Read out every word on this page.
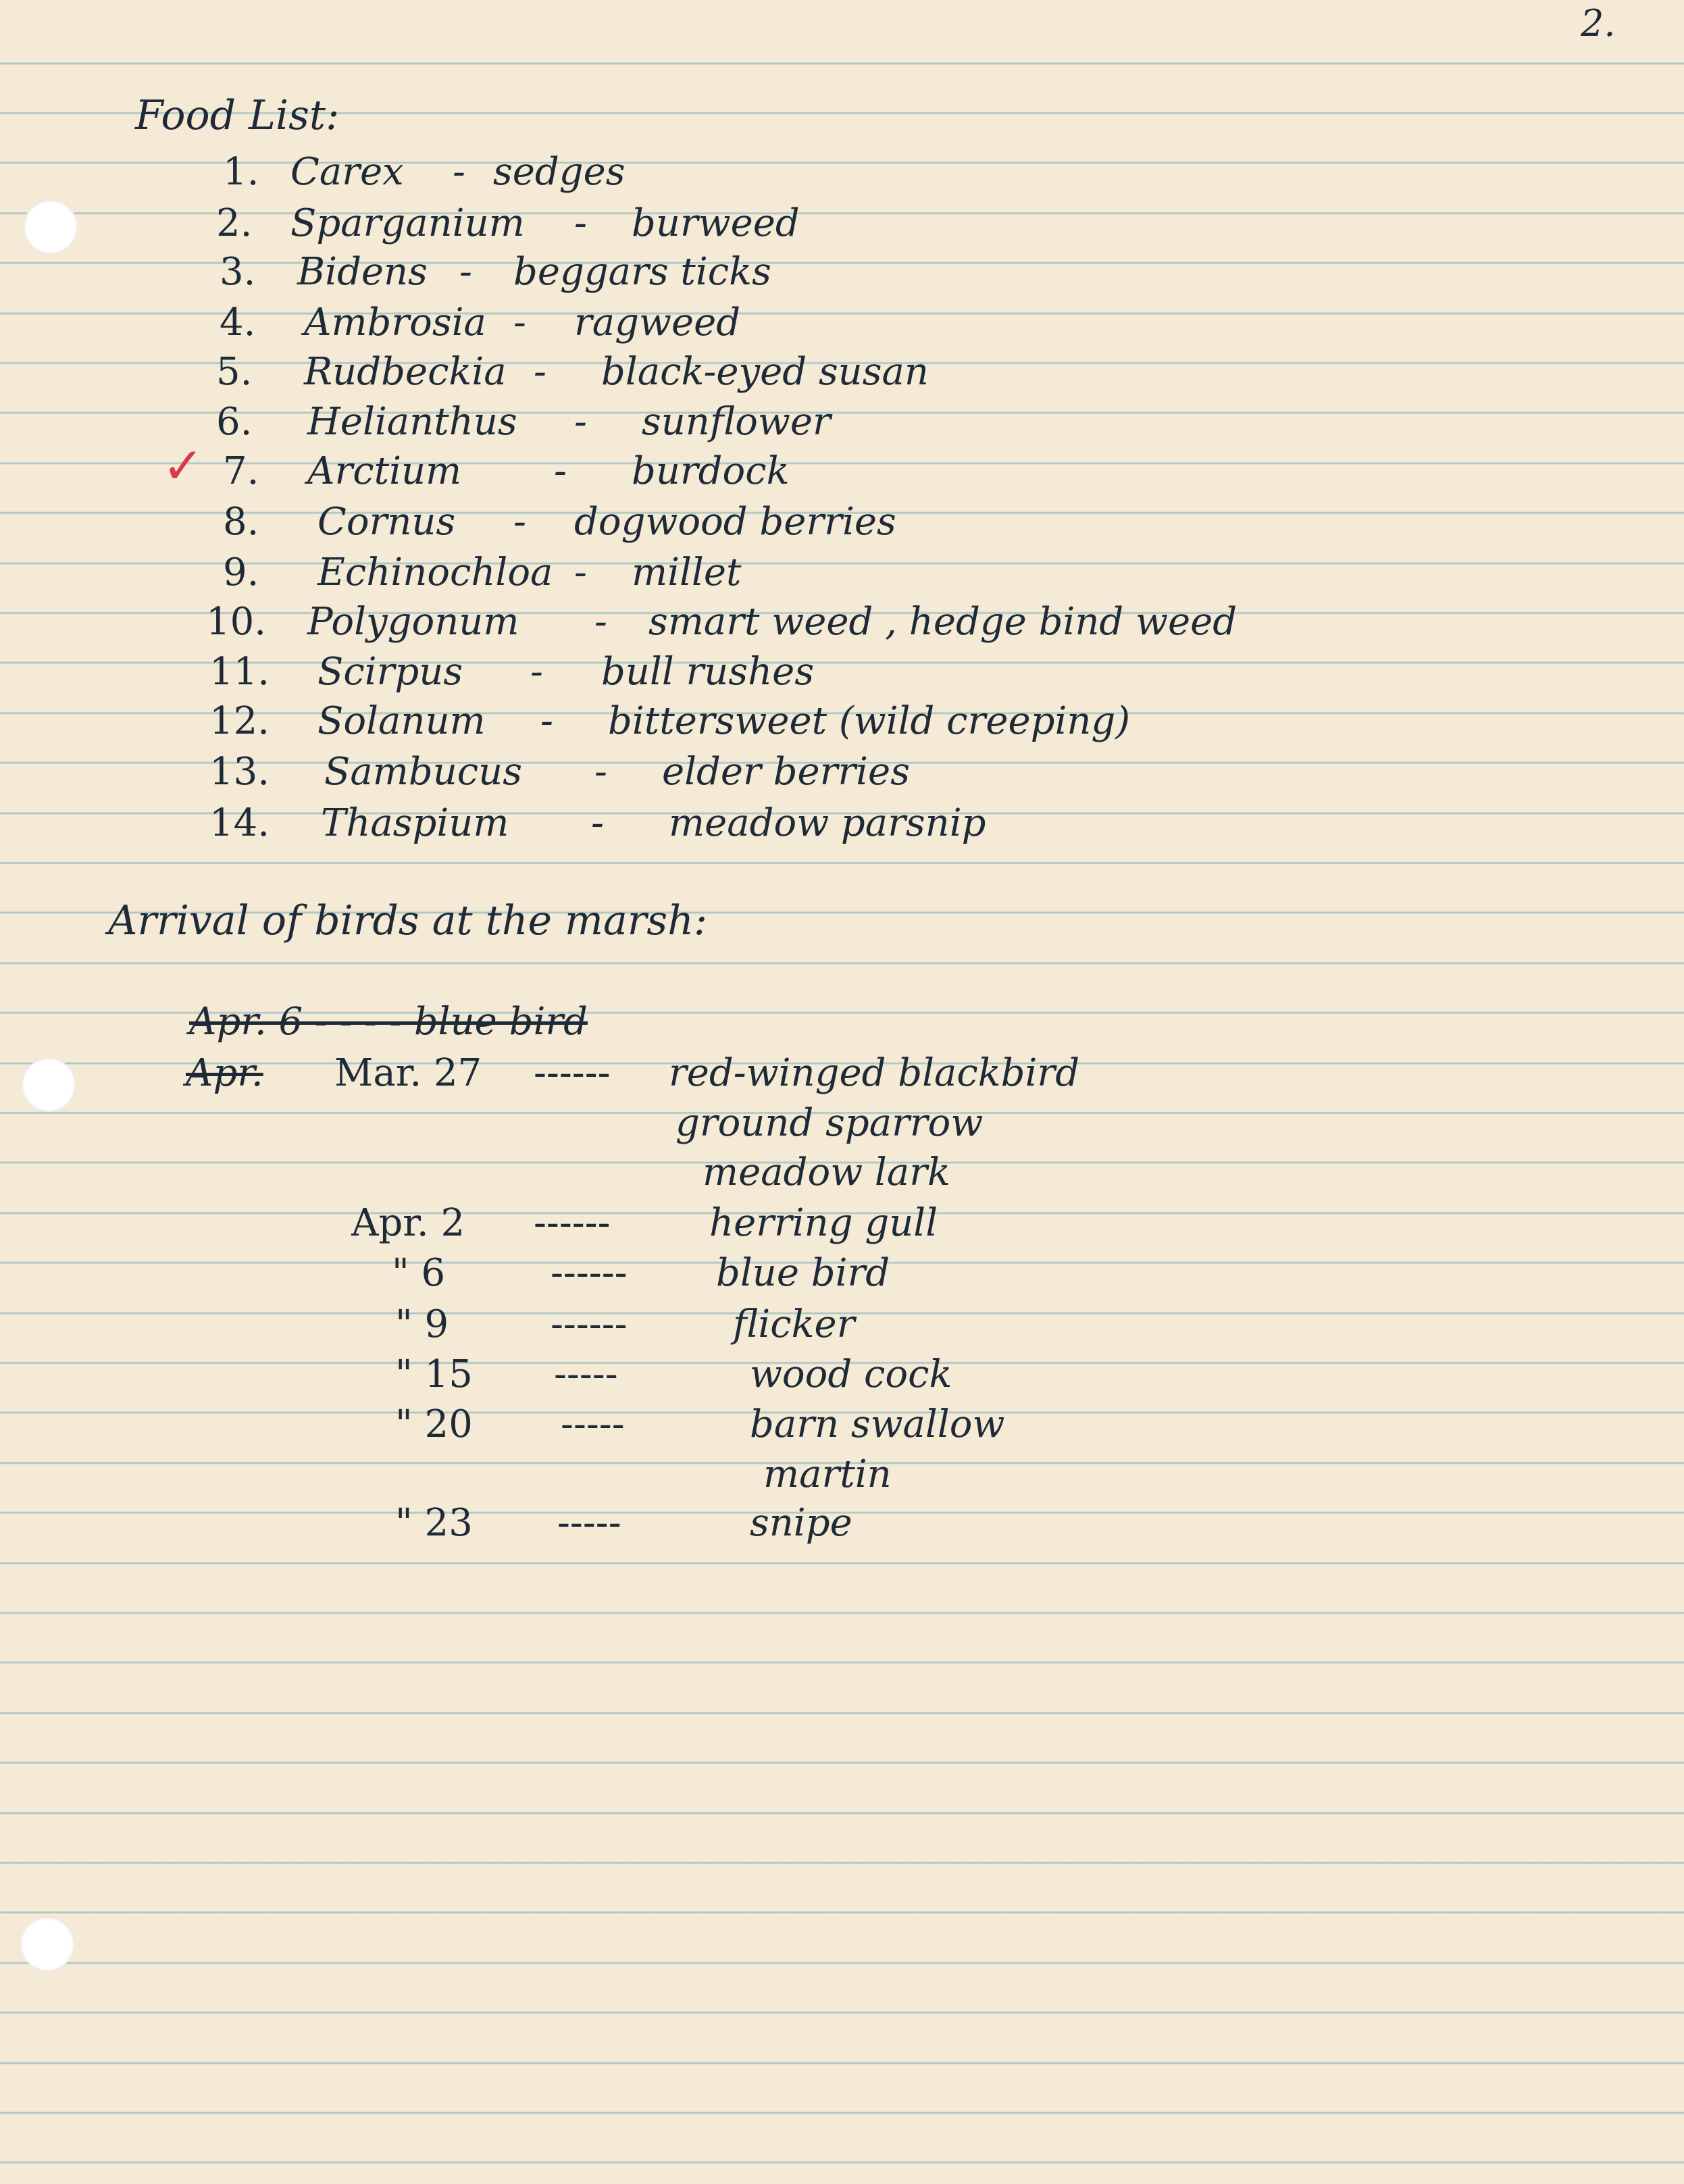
2.
Food List:
✓
1. Carex - sedges
2. Sparganium - burweed
3. Bidens - beggars ticks
4. Ambrosia - ragweed
5. Rudbeckia - black-eyed susan
6. Helianthus - sunflower
7. Arctium - burdock
8. Cornus - dogwood berries
9. Echinochloa - millet
10. Polygonum - smart weed , hedge bind weed
11. Scirpus - bull rushes
12. Solanum - bittersweet (wild creeping)
13. Sambucus - elder berries
14. Thaspium - meadow parsnip
Arrival of birds at the marsh:
Apr. 6 - - - - blue bird
Apr. Mar. 27 ------ red-winged blackbird
ground sparrow
meadow lark
Apr. 2 ------	herring gull
" 6	------ blue bird
" 9	------	flicker
" 15 -----	wood cock
" 20 -----	barn swallow
martin
" 23 -----	snipe
